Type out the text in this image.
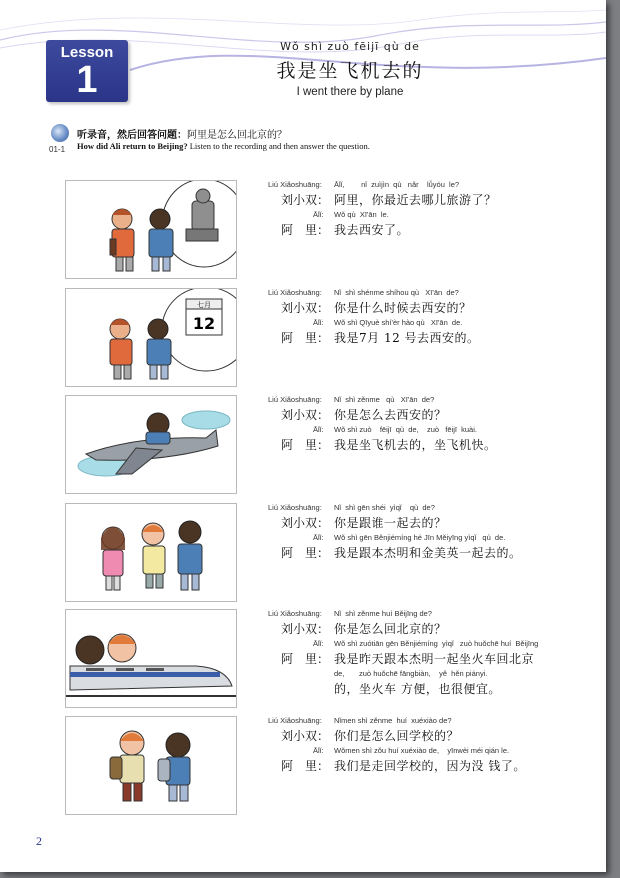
Lesson
1
Wǒ shì zuò fēijī qù de
我是坐飞机去的
I went there by plane
01-1
听录音，然后回答问题：阿里是怎么回北京的？
How did Ali return to Beijing? Listen to the recording and then answer the question.
Liú Xiǎoshuāng: Ālǐ,        nǐ  zuìjìn  qù   nǎr    lǚyóu  le?
刘小双： 阿里，你最近去哪儿旅游了？
Ālǐ: Wǒ qù  Xī'ān  le.
阿　里： 我去西安了。
七月
12
Liú Xiǎoshuāng: Nǐ  shì shénme shíhou qù   Xī'ān  de?
刘小双： 你是什么时候去西安的？
Ālǐ: Wǒ shì Qīyuè shí'èr hào qù   Xī'ān  de.
阿　里： 我是7月 12 号去西安的。
Liú Xiǎoshuāng: Nǐ  shì zěnme   qù   Xī'ān  de?
刘小双： 你是怎么去西安的？
Ālǐ: Wǒ shì zuò    fēijī  qù  de,    zuò   fēijī  kuài.
阿　里： 我是坐飞机去的，坐飞机快。
Liú Xiǎoshuāng: Nǐ  shì gēn shéi  yìqǐ    qù  de?
刘小双： 你是跟谁一起去的？
Ālǐ: Wǒ shì gēn Běnjiémíng hé Jīn Měiyīng yìqǐ   qù  de.
阿　里： 我是跟本杰明和金美英一起去的。
Liú Xiǎoshuāng: Nǐ  shì zěnme huí Běijīng de?
刘小双： 你是怎么回北京的？
Ālǐ: Wǒ shì zuótiān gēn Běnjiémíng  yìqǐ   zuò huǒchē huí  Běijīng
阿　里： 我是昨天跟本杰明一起坐火车回北京
de,       zuò huǒchē fāngbiàn,    yě  hěn piányi.
的，坐火车 方便，也很便宜。
Liú Xiǎoshuāng: Nǐmen shì zěnme  huí  xuéxiào de?
刘小双： 你们是怎么回学校的？
Ālǐ: Wǒmen shì zǒu huí xuéxiào de,    yīnwèi méi qián le.
阿　里： 我们是走回学校的，因为没 钱了。
2
